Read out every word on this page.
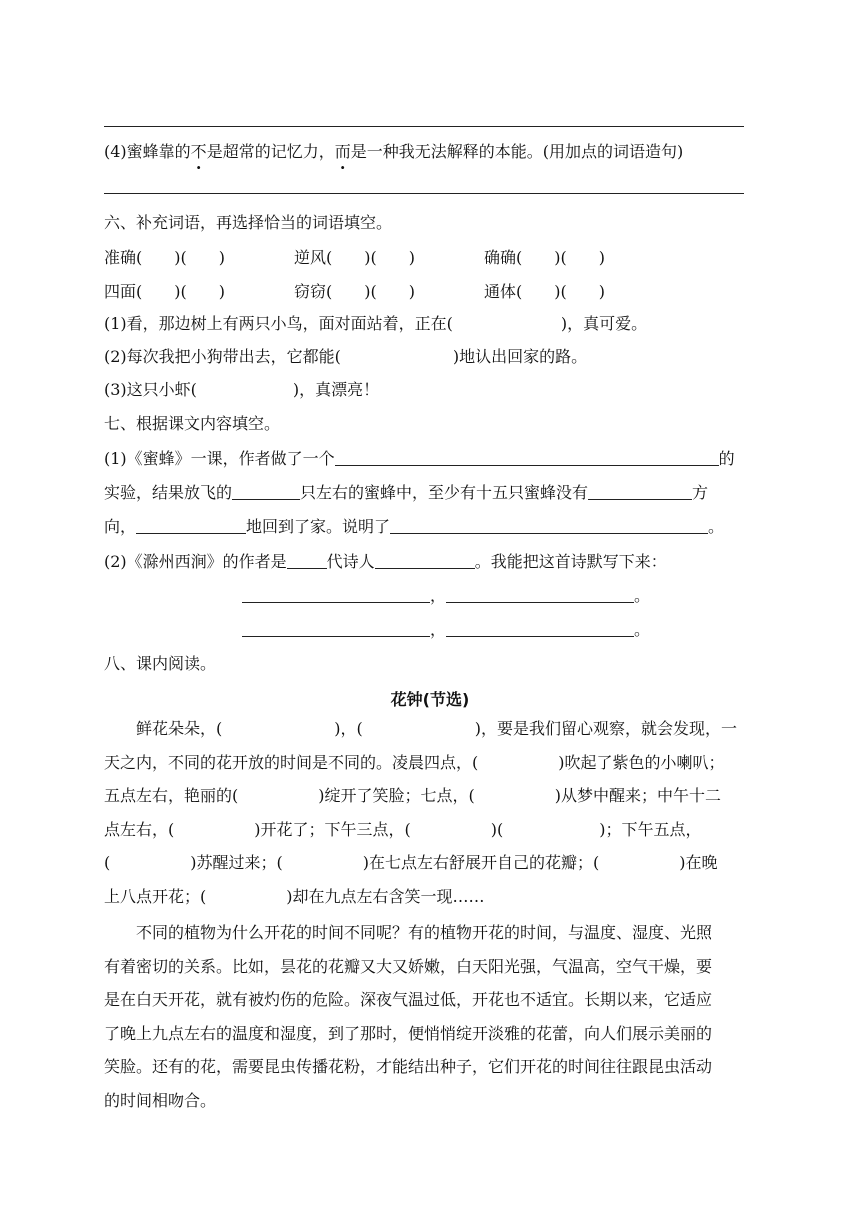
(4)蜜蜂靠的不是超常的记忆力，而是一种我无法解释的本能。(用加点的词语造句)
六、补充词语，再选择恰当的词语填空。
准确(　　)(　　)	逆风(　　)(　　)	确确(　　)(　　)
四面(　　)(　　)	窃窃(　　)(　　)	通体(　　)(　　)
(1)看，那边树上有两只小鸟，面对面站着，正在(	)，真可爱。
(2)每次我把小狗带出去，它都能(	)地认出回家的路。
(3)这只小虾(	)，真漂亮！
七、根据课文内容填空。
(1)《蜜蜂》一课，作者做了一个	的
实验，结果放飞的	只左右的蜜蜂中，至少有十五只蜜蜂没有	方
向，	地回到了家。说明了	。
(2)《滁州西涧》的作者是	代诗人	。我能把这首诗默写下来：
，	。
，	。
八、课内阅读。
花钟(节选)
鲜花朵朵，(　　　　　　　)，(　　　　　　　)，要是我们留心观察，就会发现，一
天之内，不同的花开放的时间是不同的。凌晨四点，(　　　　　)吹起了紫色的小喇叭；
五点左右，艳丽的(　　　　　)绽开了笑脸；七点，(　　　　　)从梦中醒来；中午十二
点左右，(　　　　　)开花了；下午三点，(　　　　　)(　　　　　　)；下午五点，
(　　　　　)苏醒过来；(　　　　　)在七点左右舒展开自己的花瓣；(　　　　　)在晚
上八点开花；(　　　　　)却在九点左右含笑一现……
不同的植物为什么开花的时间不同呢？有的植物开花的时间，与温度、湿度、光照
有着密切的关系。比如，昙花的花瓣又大又娇嫩，白天阳光强，气温高，空气干燥，要
是在白天开花，就有被灼伤的危险。深夜气温过低，开花也不适宜。长期以来，它适应
了晚上九点左右的温度和湿度，到了那时，便悄悄绽开淡雅的花蕾，向人们展示美丽的
笑脸。还有的花，需要昆虫传播花粉，才能结出种子，它们开花的时间往往跟昆虫活动
的时间相吻合。
